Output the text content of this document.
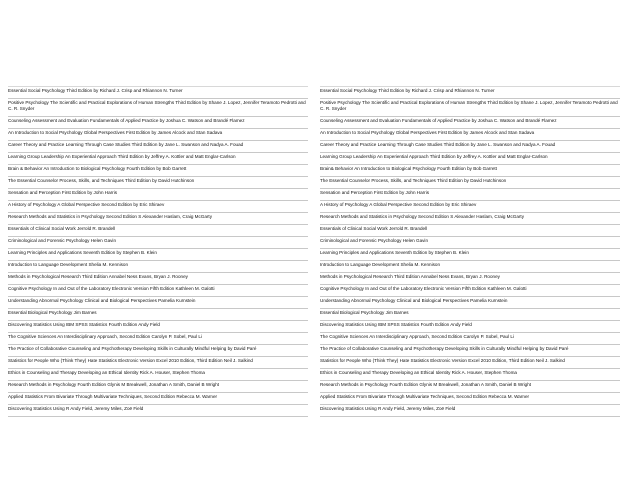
Essential Social Psychology Third Edition by Richard J. Crisp and Rhiannon N. Turner
Positive Psychology The Scientific and Practical Explorations of Human Strengths Third Edition by Shane J. Lopez, Jennifer Teramoto Pedrotti and C. R. Snyder
Counseling Assessment and Evaluation Fundamentals of Applied Practice by Joshua C. Watson and Brandé Flamez
An Introduction to Social Psychology Global Perspectives First Edition by James Alcock and Stan Sadava
Career Theory and Practice Learning Through Case Studies Third Edition by Jane L. Swanson and Nadya A. Fouad
Learning Group Leadership An Experiential Approach Third Edition by Jeffrey A. Kottler and Matt Englar-Carlson
Brain & Behavior An Introduction to Biological Psychology Fourth Edition by Bob Garrett
The Essential Counselor Process, Skills, and Techniques Third Edition by David Hutchinson
Sensation and Perception First Edition by John Harris
A History of Psychology A Global Perspective Second Edition by Eric Shiraev
Research Methods and Statistics in Psychology Second Edition S Alexander Haslam, Craig McGarty
Essentials of Clinical Social Work Jerrold R. Brandell
Criminological and Forensic Psychology Helen Gavin
Learning Principles and Applications Seventh Edition by Stephen B. Klein
Introduction to Language Development Shelia M. Kennison
Methods in Psychological Research Third Edition Annabel Ness Evans, Bryan J. Rooney
Cognitive Psychology In and Out of the Laboratory Electronic Version Fifth Edition Kathleen M. Galotti
Understanding Abnormal Psychology Clinical and Biological Perspectives Pamelia Kurnstein
Essential Biological Psychology Jim Barnes
Discovering Statistics Using IBM SPSS Statistics Fourth Edition Andy Field
The Cognitive Sciences An Interdisciplinary Approach, Second Edition Carolyn P. Sobel, Paul Li
The Practice of Collaborative Counseling and Psychotherapy Developing Skills in Culturally Mindful Helping by David Paré
Statistics for People Who (Think They) Hate Statistics Electronic Version Excel 2010 Edition, Third Edition Neil J. Salkind
Ethics in Counseling and Therapy Developing an Ethical Identity Rick A. Houser, Stephen Thoma
Research Methods in Psychology Fourth Edition Glynis M Breakwell, Jonathan A Smith, Daniel B Wright
Applied Statistics From Bivariate Through Multivariate Techniques, Second Edition Rebecca M. Warner
Discovering Statistics Using R Andy Field, Jeremy Miles, Zoë Field
Essential Social Psychology Third Edition by Richard J. Crisp and Rhiannon N. Turner
Positive Psychology The Scientific and Practical Explorations of Human Strengths Third Edition by Shane J. Lopez, Jennifer Teramoto Pedrotti and C. R. Snyder
Counseling Assessment and Evaluation Fundamentals of Applied Practice by Joshua C. Watson and Brandé Flamez
An Introduction to Social Psychology Global Perspectives First Edition by James Alcock and Stan Sadava
Career Theory and Practice Learning Through Case Studies Third Edition by Jane L. Swanson and Nadya A. Fouad
Learning Group Leadership An Experiential Approach Third Edition by Jeffrey A. Kottler and Matt Englar-Carlson
Brain& Behavior An Introduction to Biological Psychology Fourth Edition by Bob Garrett
The Essential Counselor Process, Skills, and Techniques Third Edition by David Hutchinson
Sensation and Perception First Edition by John Harris
A History of Psychology A Global Perspective Second Edition by Eric Shiraev
Research Methods and Statistics in Psychology Second Edition S Alexander Haslam, Craig McGarty
Essentials of Clinical Social Work Jerrold R. Brandell
Criminological and Forensic Psychology Helen Gavin
Learning Principles and Applications Seventh Edition by Stephen B. Klein
Introduction to Language Development Shelia M. Kennison
Methods in Psychological Research Third Edition Annabel Ness Evans, Bryan J. Rooney
Cognitive Psychology In and Out of the Laboratory Electronic Version Fifth Edition Kathleen M. Galotti
Understanding Abnormal Psychology Clinical and Biological Perspectives Pamelia Kurnstein
Essential Biological Psychology Jim Barnes
Discovering Statistics Using IBM SPSS Statistics Fourth Edition Andy Field
The Cognitive Sciences An Interdisciplinary Approach, Second Edition Carolyn P. Sobel, Paul Li
The Practice of Collaborative Counseling and Psychotherapy Developing Skills in Culturally Mindful Helping by David Paré
Statistics for People Who (Think They) Hate Statistics Electronic Version Excel 2010 Edition, Third Edition Neil J. Salkind
Ethics in Counseling and Therapy Developing an Ethical Identity Rick A. Houser, Stephen Thoma
Research Methods in Psychology Fourth Edition Glynis M Breakwell, Jonathan A Smith, Daniel B Wright
Applied Statistics From Bivariate Through Multivariate Techniques, Second Edition Rebecca M. Warner
Discovering Statistics Using R Andy Field, Jeremy Miles, Zoë Field
